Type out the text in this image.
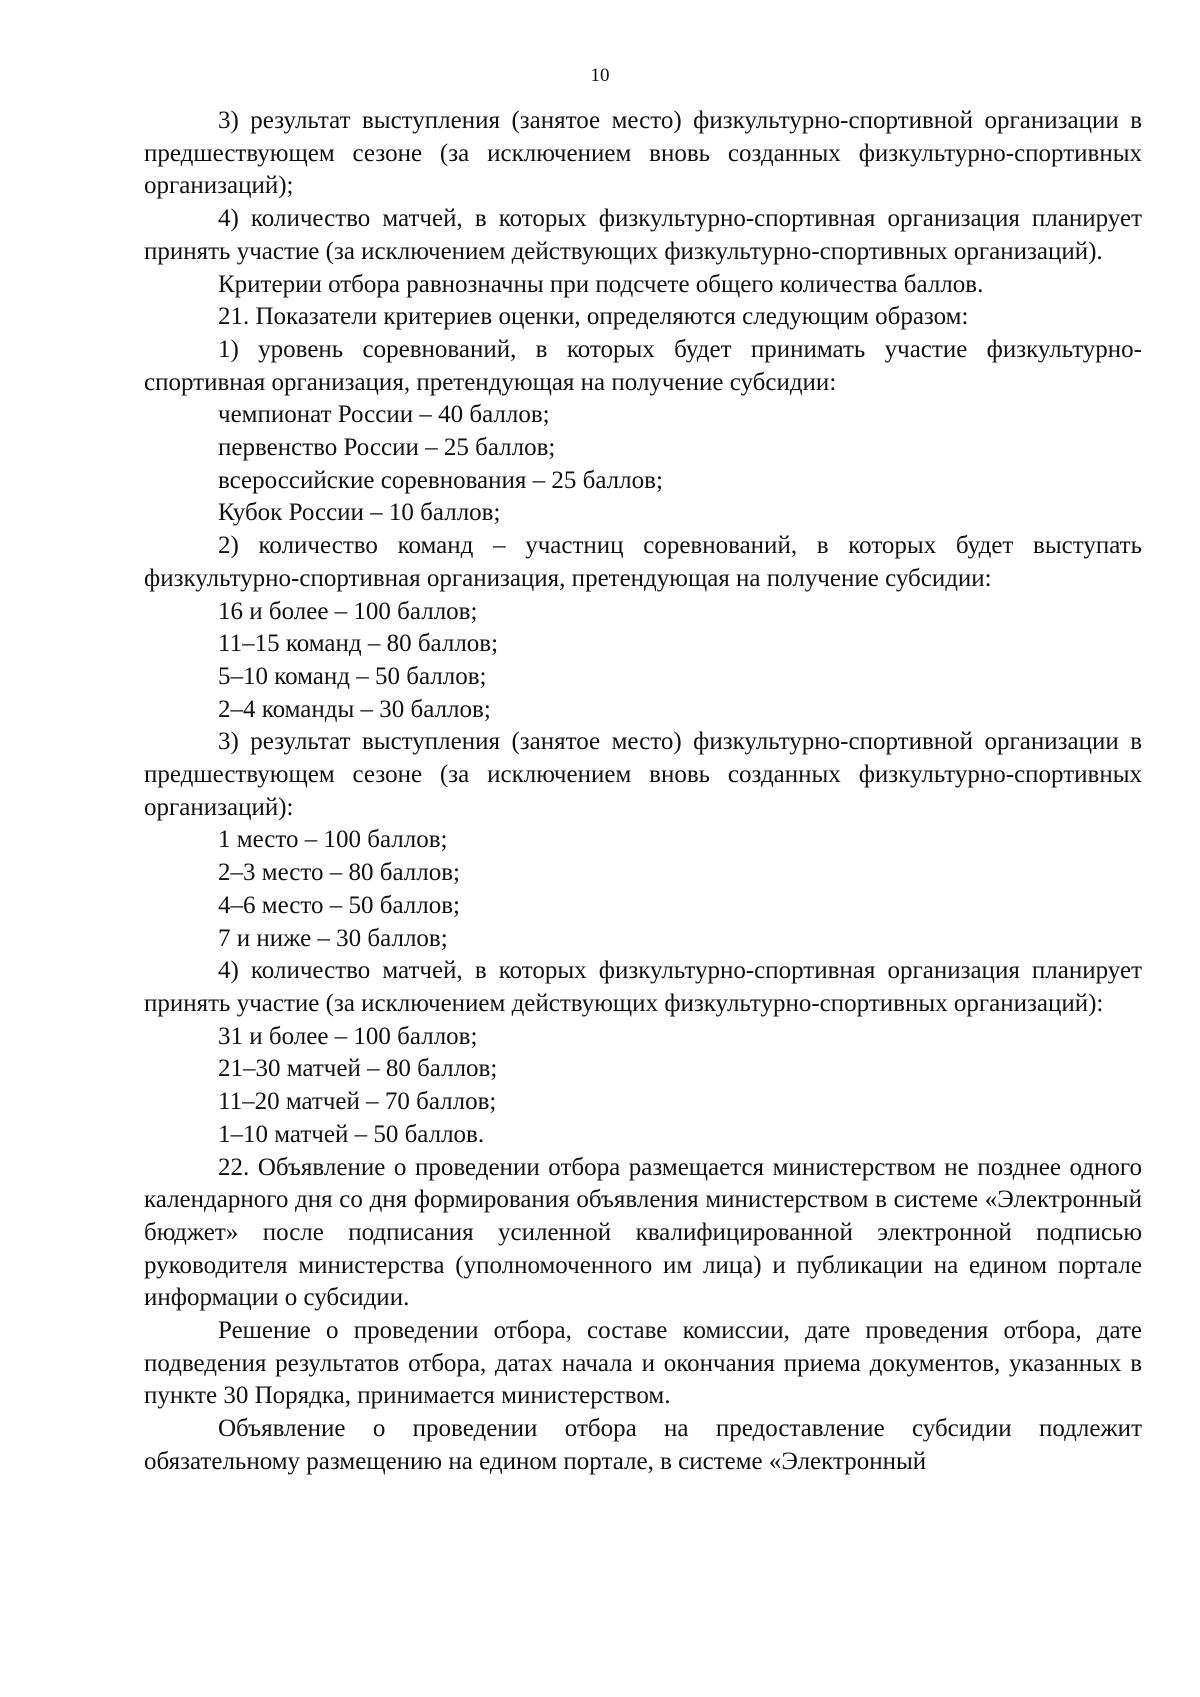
10

3) результат выступления (занятое место) физкультурно-спортивной организации в предшествующем сезоне (за исключением вновь созданных физкультурно-спортивных организаций);

4) количество матчей, в которых физкультурно-спортивная организация планирует принять участие (за исключением действующих физкультурно-спортивных организаций).

Критерии отбора равнозначны при подсчете общего количества баллов.

21. Показатели критериев оценки, определяются следующим образом:

1) уровень соревнований, в которых будет принимать участие физкультурно-спортивная организация, претендующая на получение субсидии:

чемпионат России – 40 баллов;

первенство России – 25 баллов;

всероссийские соревнования – 25 баллов;

Кубок России – 10 баллов;

2) количество команд – участниц соревнований, в которых будет выступать физкультурно-спортивная организация, претендующая на получение субсидии:

16 и более – 100 баллов;

11–15 команд – 80 баллов;

5–10 команд – 50 баллов;

2–4 команды – 30 баллов;

3) результат выступления (занятое место) физкультурно-спортивной организации в предшествующем сезоне (за исключением вновь созданных физкультурно-спортивных организаций):

1 место – 100 баллов;

2–3 место – 80 баллов;

4–6 место – 50 баллов;

7 и ниже – 30 баллов;

4) количество матчей, в которых физкультурно-спортивная организация планирует принять участие (за исключением действующих физкультурно-спортивных организаций):

31 и более – 100 баллов;

21–30 матчей – 80 баллов;

11–20 матчей – 70 баллов;

1–10 матчей – 50 баллов.

22. Объявление о проведении отбора размещается министерством не позднее одного календарного дня со дня формирования объявления министерством в системе «Электронный бюджет» после подписания усиленной квалифицированной электронной подписью руководителя министерства (уполномоченного им лица) и публикации на едином портале информации о субсидии.

Решение о проведении отбора, составе комиссии, дате проведения отбора, дате подведения результатов отбора, датах начала и окончания приема документов, указанных в пункте 30 Порядка, принимается министерством.

Объявление о проведении отбора на предоставление субсидии подлежит обязательному размещению на едином портале, в системе «Электронный
